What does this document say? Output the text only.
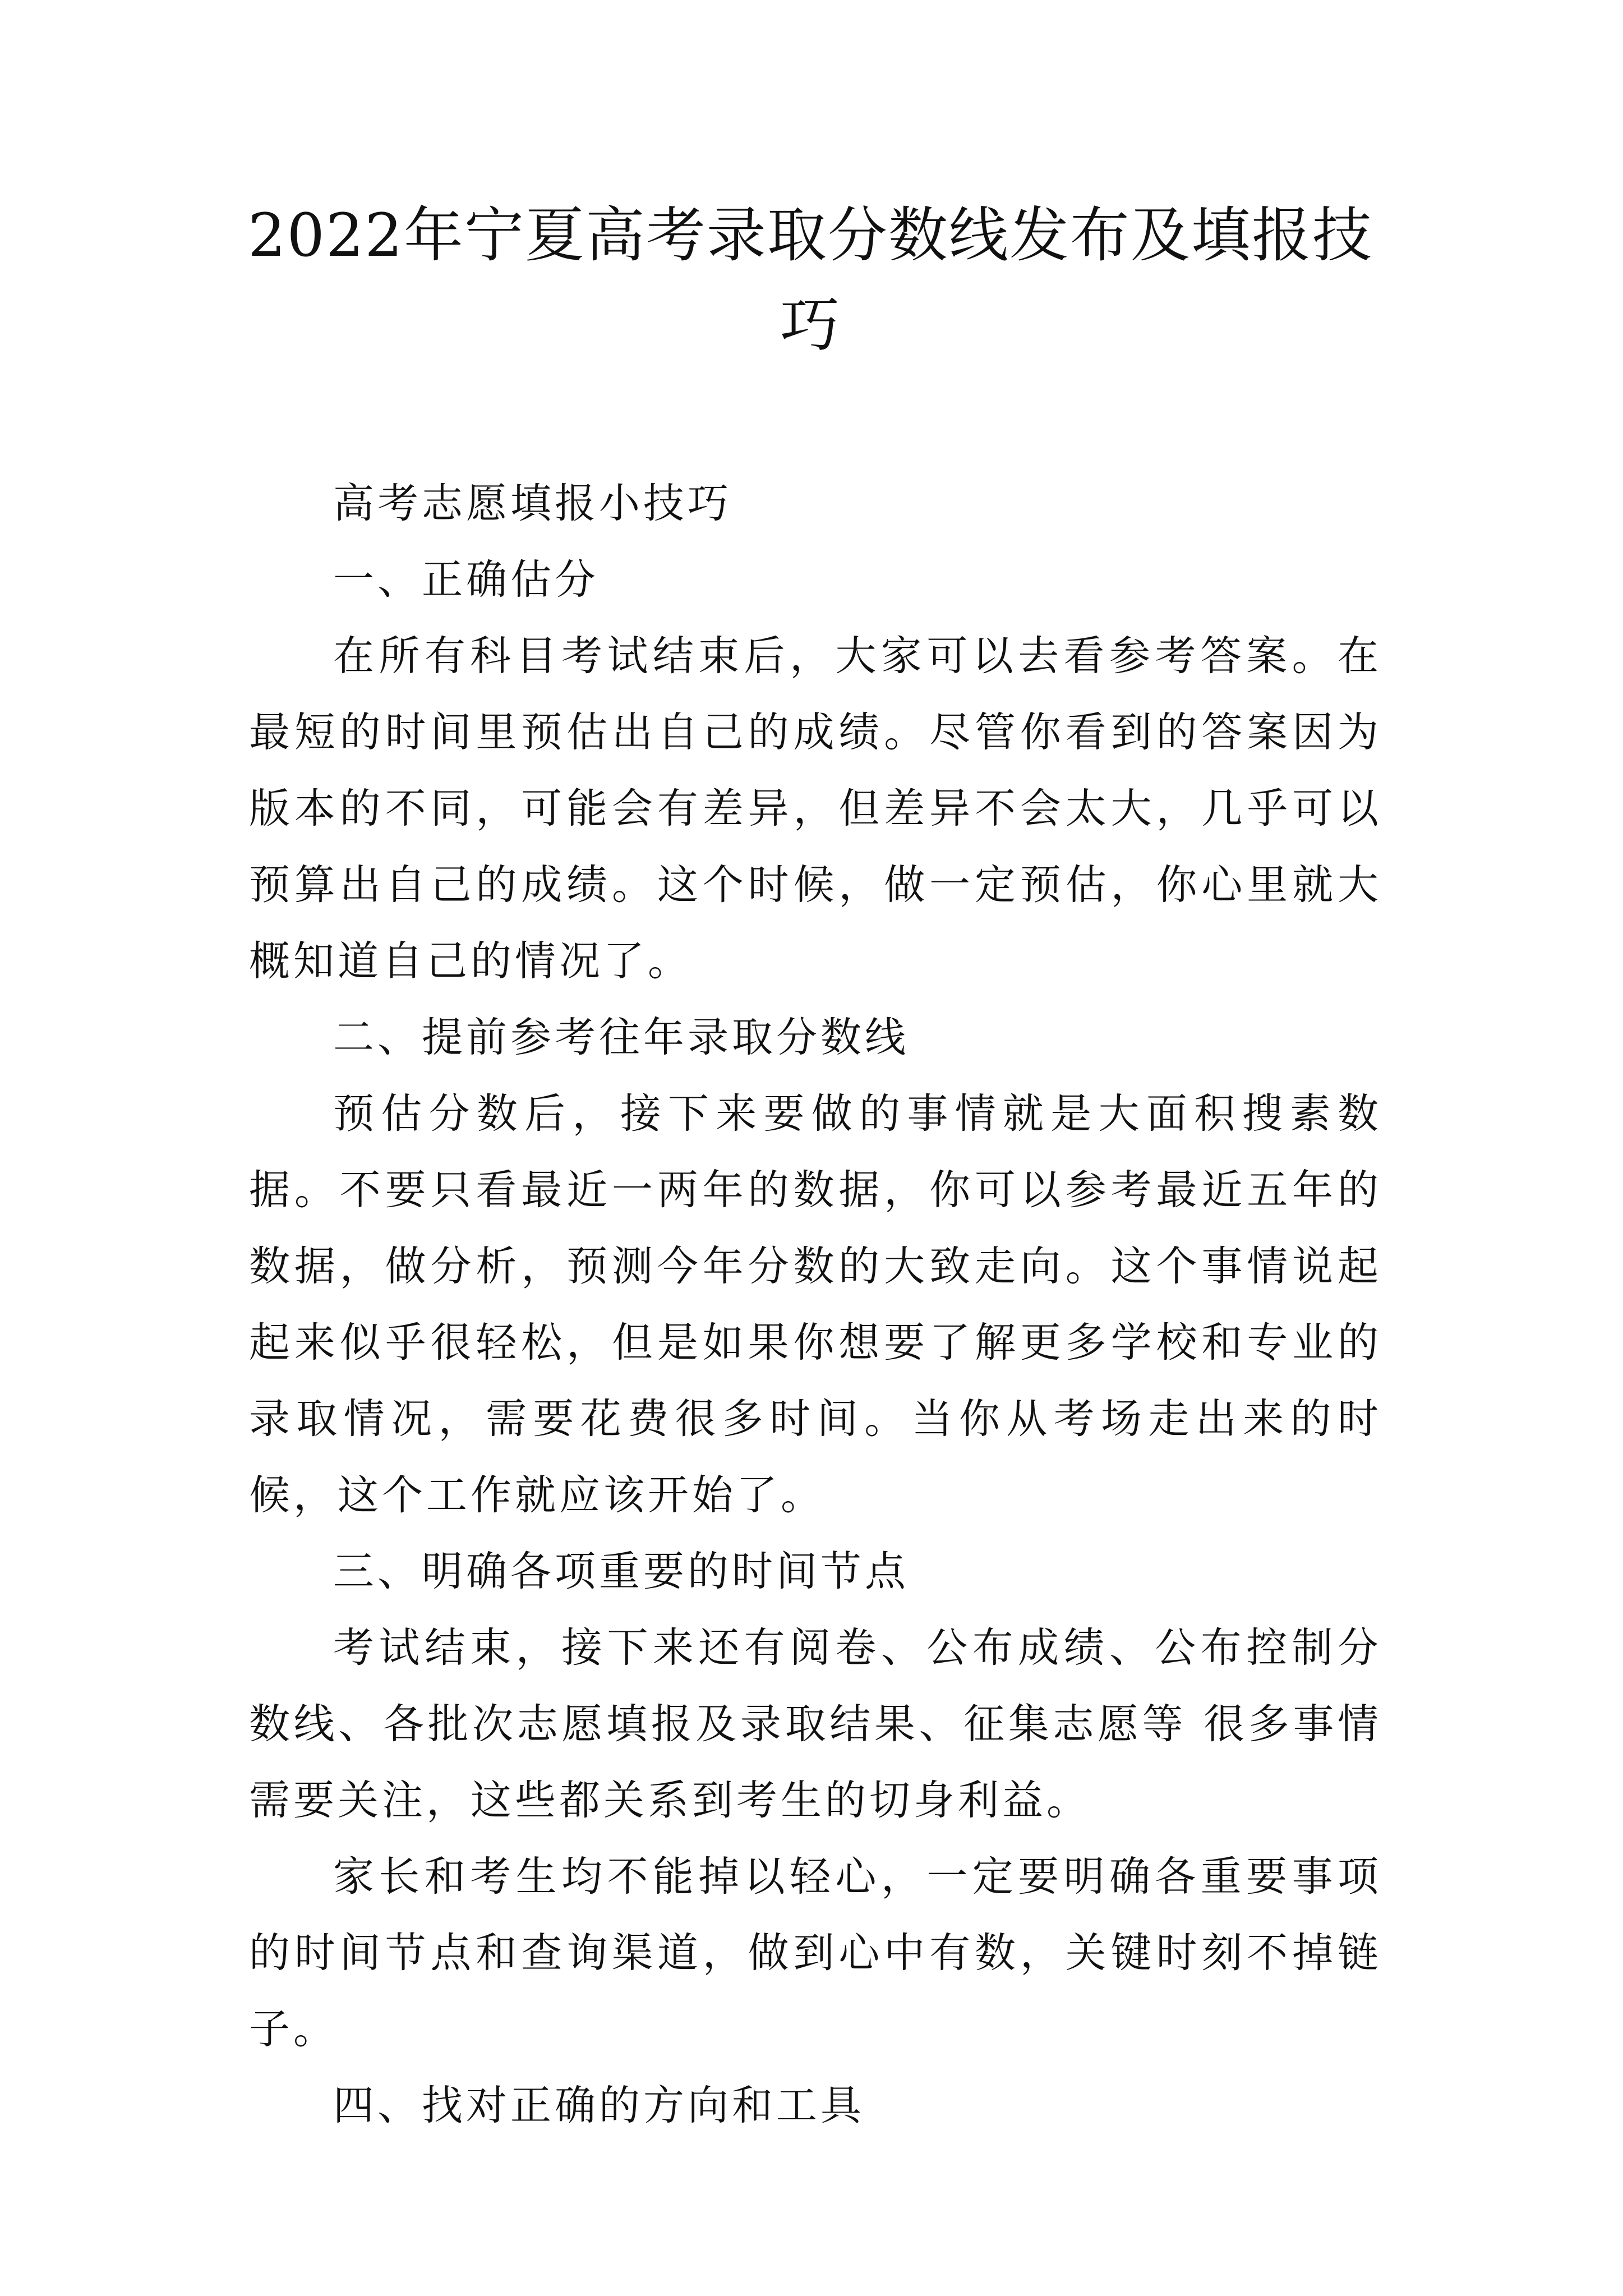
2022年宁夏高考录取分数线发布及填报技巧

高考志愿填报小技巧

一、正确估分

在所有科目考试结束后，大家可以去看参考答案。在最短的时间里预估出自己的成绩。尽管你看到的答案因为版本的不同，可能会有差异，但差异不会太大，几乎可以预算出自己的成绩。这个时候，做一定预估，你心里就大概知道自己的情况了。

二、提前参考往年录取分数线

预估分数后，接下来要做的事情就是大面积搜素数据。不要只看最近一两年的数据，你可以参考最近五年的数据，做分析，预测今年分数的大致走向。这个事情说起起来似乎很轻松，但是如果你想要了解更多学校和专业的录取情况，需要花费很多时间。当你从考场走出来的时候，这个工作就应该开始了。

三、明确各项重要的时间节点

考试结束，接下来还有阅卷、公布成绩、公布控制分数线、各批次志愿填报及录取结果、征集志愿等 很多事情需要关注，这些都关系到考生的切身利益。

家长和考生均不能掉以轻心，一定要明确各重要事项的时间节点和查询渠道，做到心中有数，关键时刻不掉链子。

四、找对正确的方向和工具
